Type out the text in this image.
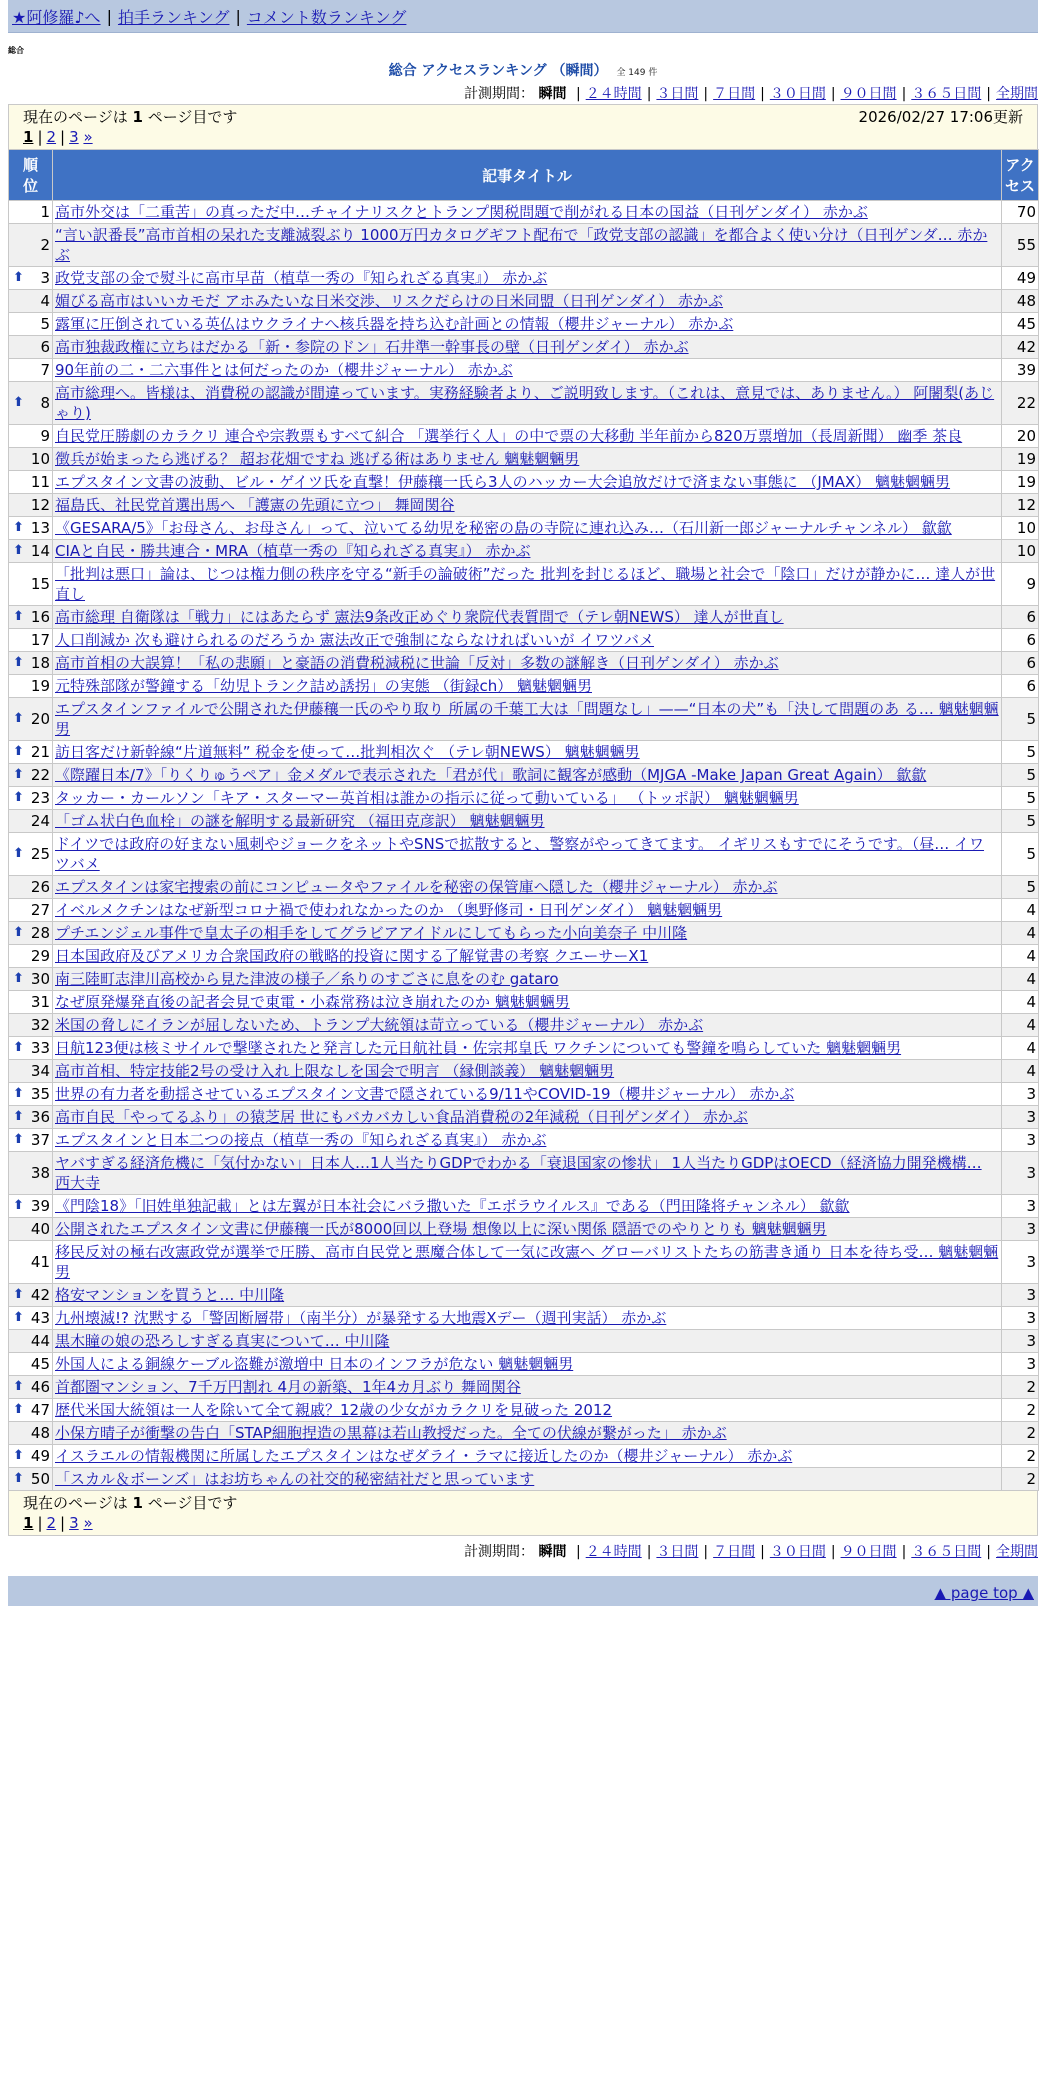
★阿修羅♪へ | 拍手ランキング | コメント数ランキング
総合
総合 アクセスランキング （瞬間） 全 149 件
計測期間： 瞬間 | ２４時間 | ３日間 | ７日間 | ３０日間 | ９０日間 | ３６５日間 | 全期間
現在のページは 1 ページ目です	2026/02/27 17:06更新
1 | 2 | 3 »
順
位	記事タイトル	アク
セス
1	高市外交は「二重苦」の真っただ中…チャイナリスクとトランプ関税問題で削がれる日本の国益（日刊ゲンダイ） 赤かぶ	70
2	“言い訳番長”高市首相の呆れた支離滅裂ぶり 1000万円カタログギフト配布で「政党支部の認識」を都合よく使い分け（日刊ゲンダ… 赤かぶ	55

⬆ 3	政党支部の金で熨斗に高市早苗（植草一秀の『知られざる真実』） 赤かぶ	49
4	媚びる高市はいいカモだ アホみたいな日米交渉、リスクだらけの日米同盟（日刊ゲンダイ） 赤かぶ	48
5	露軍に圧倒されている英仏はウクライナへ核兵器を持ち込む計画との情報（櫻井ジャーナル） 赤かぶ	45
6	高市独裁政権に立ちはだかる「新・参院のドン」石井準一幹事長の壁（日刊ゲンダイ） 赤かぶ	42
7	90年前の二・二六事件とは何だったのか（櫻井ジャーナル） 赤かぶ	39

⬆ 8	高市総理へ。皆様は、消費税の認識が間違っています。実務経験者より、ご説明致します。（これは、意見では、ありません。） 阿闍梨(あじゃり)	22
9	自民党圧勝劇のカラクリ 連合や宗教票もすべて糾合 「選挙行く人」の中で票の大移動 半年前から820万票増加（長周新聞） 幽季 茶良	20
10	徴兵が始まったら逃げる？ 超お花畑ですね 逃げる術はありません 魑魅魍魎男	19
11	エプスタイン文書の波動、ビル・ゲイツ氏を直撃！伊藤穰一氏ら3人のハッカー大会追放だけで済まない事態に （JMAX） 魑魅魍魎男	19
12	福島氏、社民党首選出馬へ 「護憲の先頭に立つ」 舞岡関谷	12

⬆ 13	《GESARA/5》「お母さん、お母さん」って、泣いてる幼児を秘密の島の寺院に連れ込み…（石川新一郎ジャーナルチャンネル） 歙歙	10

⬆ 14	CIAと自民・勝共連合・MRA（植草一秀の『知られざる真実』） 赤かぶ	10
15	「批判は悪口」論は、じつは権力側の秩序を守る“新手の論破術”だった 批判を封じるほど、職場と社会で「陰口」だけが静かに… 達人が世直し	9

⬆ 16	高市総理 自衛隊は「戦力」にはあたらず 憲法9条改正めぐり衆院代表質問で（テレ朝NEWS） 達人が世直し	6
17	人口削減か 次も避けられるのだろうか 憲法改正で強制にならなければいいが イワツバメ	6

⬆ 18	高市首相の大誤算！「私の悲願」と豪語の消費税減税に世論「反対」多数の謎解き（日刊ゲンダイ） 赤かぶ	6
19	元特殊部隊が警鐘する「幼児トランク詰め誘拐」の実態 （街録ch） 魑魅魍魎男	6

⬆ 20	エプスタインファイルで公開された伊藤穰一氏のやり取り 所属の千葉工大は「問題なし」——“日本の犬”も「決して問題のあ る… 魑魅魍魎男	5

⬆ 21	訪日客だけ新幹線“片道無料” 税金を使って…批判相次ぐ （テレ朝NEWS） 魑魅魍魎男	5

⬆ 22	《際躍日本/7》「りくりゅうペア」金メダルで表示された「君が代」歌詞に観客が感動（MJGA -Make Japan Great Again） 歙歙	5

⬆ 23	タッカー・カールソン「キア・スターマー英首相は誰かの指示に従って動いている」 （トッポ訳） 魑魅魍魎男	5
24	「ゴム状白色血栓」の謎を解明する最新研究 （福田克彦訳） 魑魅魍魎男	5

⬆ 25	ドイツでは政府の好まない風刺やジョークをネットやSNSで拡散すると、警察がやってきてます。 イギリスもすでにそうです。（昼… イワツバメ	5
26	エプスタインは家宅捜索の前にコンピュータやファイルを秘密の保管庫へ隠した（櫻井ジャーナル） 赤かぶ	5
27	イベルメクチンはなぜ新型コロナ禍で使われなかったのか （奥野修司・日刊ゲンダイ） 魑魅魍魎男	4

⬆ 28	プチエンジェル事件で皇太子の相手をしてグラビアアイドルにしてもらった小向美奈子 中川隆	4
29	日本国政府及びアメリカ合衆国政府の戦略的投資に関する了解覚書の考察 クエーサーX1	4

⬆ 30	南三陸町志津川高校から見た津波の様子／糸りのすごさに息をのむ gataro	4
31	なぜ原発爆発直後の記者会見で東電・小森常務は泣き崩れたのか 魑魅魍魎男	4
32	米国の脅しにイランが屈しないため、トランプ大統領は苛立っている（櫻井ジャーナル） 赤かぶ	4

⬆ 33	日航123便は核ミサイルで撃墜されたと発言した元日航社員・佐宗邦皇氏 ワクチンについても警鐘を鳴らしていた 魑魅魍魎男	4
34	高市首相、特定技能2号の受け入れ上限なしを国会で明言 （縁側談義） 魑魅魍魎男	4

⬆ 35	世界の有力者を動揺させているエプスタイン文書で隠されている9/11やCOVID-19（櫻井ジャーナル） 赤かぶ	3

⬆ 36	高市自民「やってるふり」の猿芝居 世にもバカバカしい食品消費税の2年減税（日刊ゲンダイ） 赤かぶ	3

⬆ 37	エプスタインと日本二つの接点（植草一秀の『知られざる真実』） 赤かぶ	3
38	ヤバすぎる経済危機に「気付かない」日本人…1人当たりGDPでわかる「衰退国家の惨状」 1人当たりGDPはOECD（経済協力開発機構… 西大寺	3

⬆ 39	《門陰18》「旧姓単独記載」とは左翼が日本社会にバラ撒いた『エボラウイルス』である（門田隆将チャンネル） 歙歙	3
40	公開されたエプスタイン文書に伊藤穰一氏が8000回以上登場 想像以上に深い関係 隠語でのやりとりも 魑魅魍魎男	3
41	移民反対の極右改憲政党が選挙で圧勝、高市自民党と悪魔合体して一気に改憲へ グローバリストたちの筋書き通り 日本を待ち受… 魑魅魍魎男	3

⬆ 42	格安マンションを買うと… 中川隆	3

⬆ 43	九州壊滅!? 沈黙する「警固断層帯」（南半分）が暴発する大地震Xデー（週刊実話） 赤かぶ	3
44	黒木瞳の娘の恐ろしすぎる真実について… 中川隆	3
45	外国人による銅線ケーブル盗難が激増中 日本のインフラが危ない 魑魅魍魎男	3

⬆ 46	首都圏マンション、7千万円割れ 4月の新築、1年4カ月ぶり 舞岡関谷	2

⬆ 47	歴代米国大統領は一人を除いて全て親戚？12歳の少女がカラクリを見破った 2012	2
48	小保方晴子が衝撃の告白「STAP細胞捏造の黒幕は若山教授だった。全ての伏線が繋がった」 赤かぶ	2

⬆ 49	イスラエルの情報機関に所属したエプスタインはなぜダライ・ラマに接近したのか（櫻井ジャーナル） 赤かぶ	2

⬆ 50	「スカル＆ボーンズ」はお坊ちゃんの社交的秘密結社だと思っています	2
現在のページは 1 ページ目です
1 | 2 | 3 »
計測期間： 瞬間 | ２４時間 | ３日間 | ７日間 | ３０日間 | ９０日間 | ３６５日間 | 全期間
▲ page top ▲
